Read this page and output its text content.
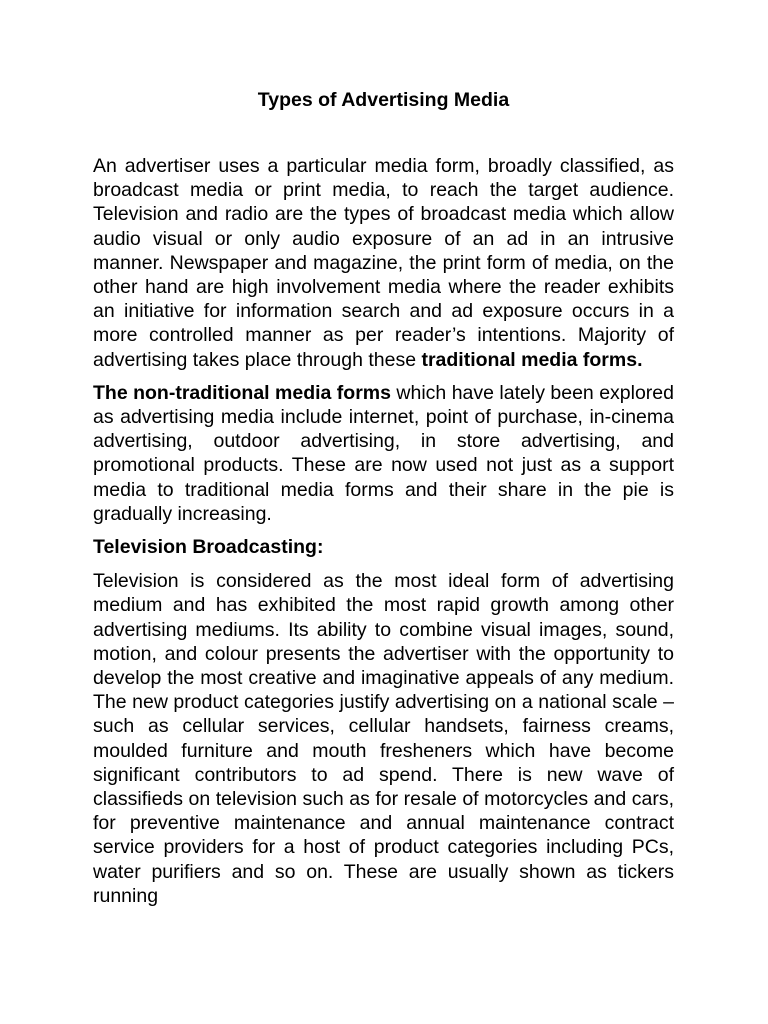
Types of Advertising Media

An advertiser uses a particular media form, broadly classified, as broadcast media or print media, to reach the target audience. Television and radio are the types of broadcast media which allow audio visual or only audio exposure of an ad in an intrusive manner. Newspaper and magazine, the print form of media, on the other hand are high involvement media where the reader exhibits an initiative for information search and ad exposure occurs in a more controlled manner as per reader’s intentions. Majority of advertising takes place through these traditional media forms.

The non-traditional media forms which have lately been explored as advertising media include internet, point of purchase, in-cinema advertising, outdoor advertising, in store advertising, and promotional products. These are now used not just as a support media to traditional media forms and their share in the pie is gradually increasing.

Television Broadcasting:

Television is considered as the most ideal form of advertising medium and has exhibited the most rapid growth among other advertising mediums. Its ability to combine visual images, sound, motion, and colour presents the advertiser with the opportunity to develop the most creative and imaginative appeals of any medium. The new product categories justify advertising on a national scale – such as cellular services, cellular handsets, fairness creams, moulded furniture and mouth fresheners which have become significant contributors to ad spend. There is new wave of classifieds on television such as for resale of motorcycles and cars, for preventive maintenance and annual maintenance contract service providers for a host of product categories including PCs, water purifiers and so on. These are usually shown as tickers running
